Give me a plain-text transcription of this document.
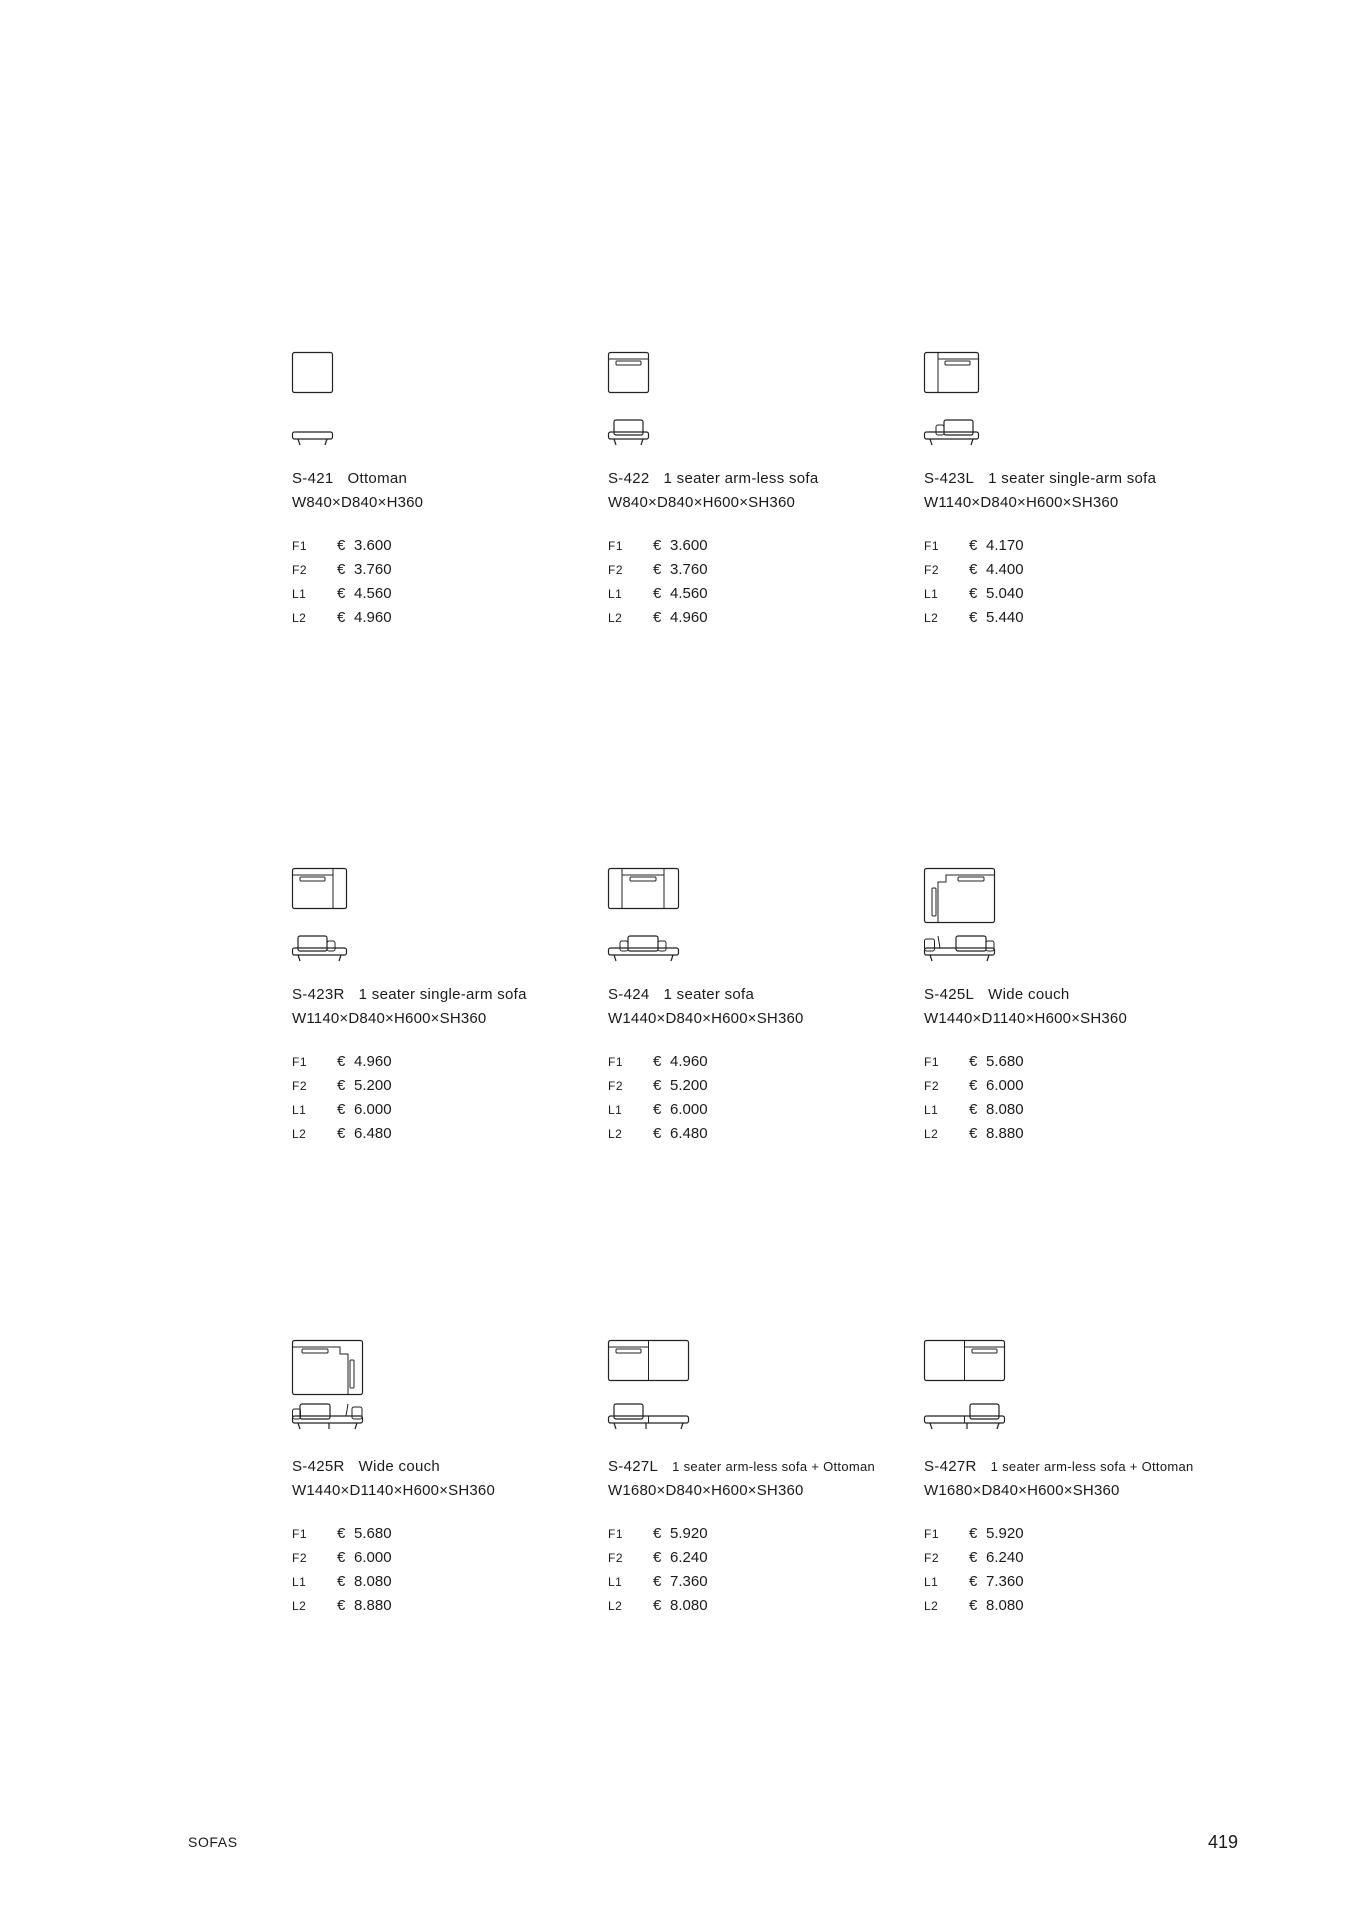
S-421 Ottoman
W840×D840×H360
F1 € 3.600
F2 € 3.760
L1 € 4.560
L2 € 4.960
S-422 1 seater arm-less sofa
W840×D840×H600×SH360
F1 € 3.600
F2 € 3.760
L1 € 4.560
L2 € 4.960
S-423L 1 seater single-arm sofa
W1140×D840×H600×SH360
F1 € 4.170
F2 € 4.400
L1 € 5.040
L2 € 5.440
S-423R 1 seater single-arm sofa
W1140×D840×H600×SH360
F1 € 4.960
F2 € 5.200
L1 € 6.000
L2 € 6.480
S-424 1 seater sofa
W1440×D840×H600×SH360
F1 € 4.960
F2 € 5.200
L1 € 6.000
L2 € 6.480
S-425L Wide couch
W1440×D1140×H600×SH360
F1 € 5.680
F2 € 6.000
L1 € 8.080
L2 € 8.880
S-425R Wide couch
W1440×D1140×H600×SH360
F1 € 5.680
F2 € 6.000
L1 € 8.080
L2 € 8.880
S-427L 1 seater arm-less sofa + Ottoman
W1680×D840×H600×SH360
F1 € 5.920
F2 € 6.240
L1 € 7.360
L2 € 8.080
S-427R 1 seater arm-less sofa + Ottoman
W1680×D840×H600×SH360
F1 € 5.920
F2 € 6.240
L1 € 7.360
L2 € 8.080
SOFAS	419
